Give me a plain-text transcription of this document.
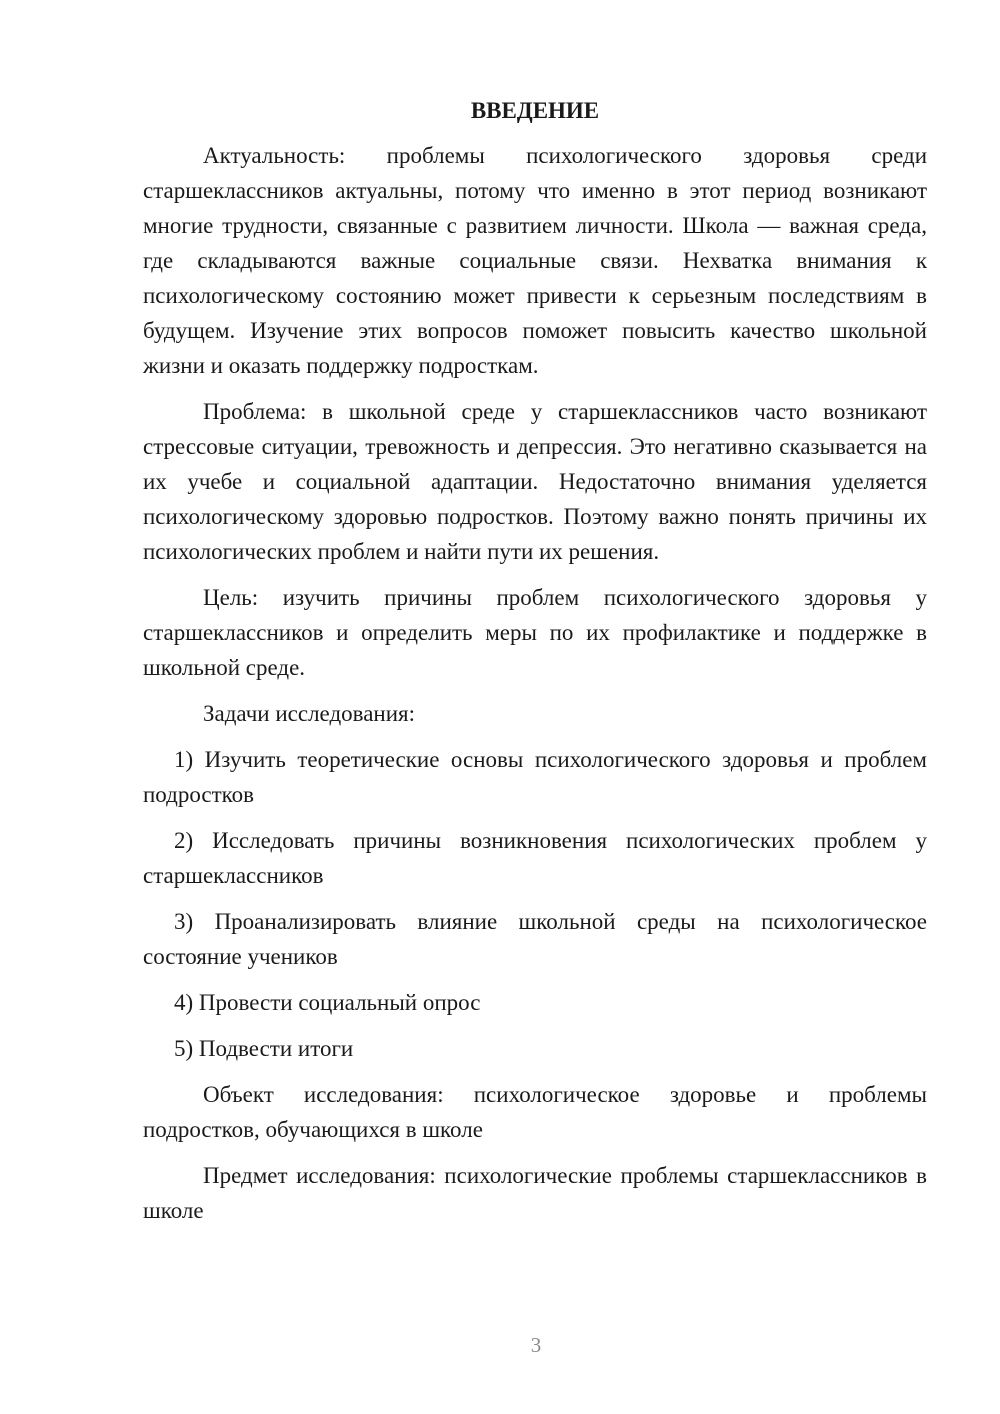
ВВЕДЕНИЕ

Актуальность: проблемы психологического здоровья среди старшеклассников актуальны, потому что именно в этот период возникают многие трудности, связанные с развитием личности. Школа — важная среда, где складываются важные социальные связи. Нехватка внимания к психологическому состоянию может привести к серьезным последствиям в будущем. Изучение этих вопросов поможет повысить качество школьной жизни и оказать поддержку подросткам.

Проблема: в школьной среде у старшеклассников часто возникают стрессовые ситуации, тревожность и депрессия. Это негативно сказывается на их учебе и социальной адаптации. Недостаточно внимания уделяется психологическому здоровью подростков. Поэтому важно понять причины их психологических проблем и найти пути их решения.

Цель: изучить причины проблем психологического здоровья у старшеклассников и определить меры по их профилактике и поддержке в школьной среде.

Задачи исследования:

1) Изучить теоретические основы психологического здоровья и проблем подростков

2) Исследовать причины возникновения психологических проблем у старшеклассников

3) Проанализировать влияние школьной среды на психологическое состояние учеников

4) Провести социальный опрос

5) Подвести итоги

Объект исследования: психологическое здоровье и проблемы подростков, обучающихся в школе

Предмет исследования: психологические проблемы старшеклассников в школе

3
